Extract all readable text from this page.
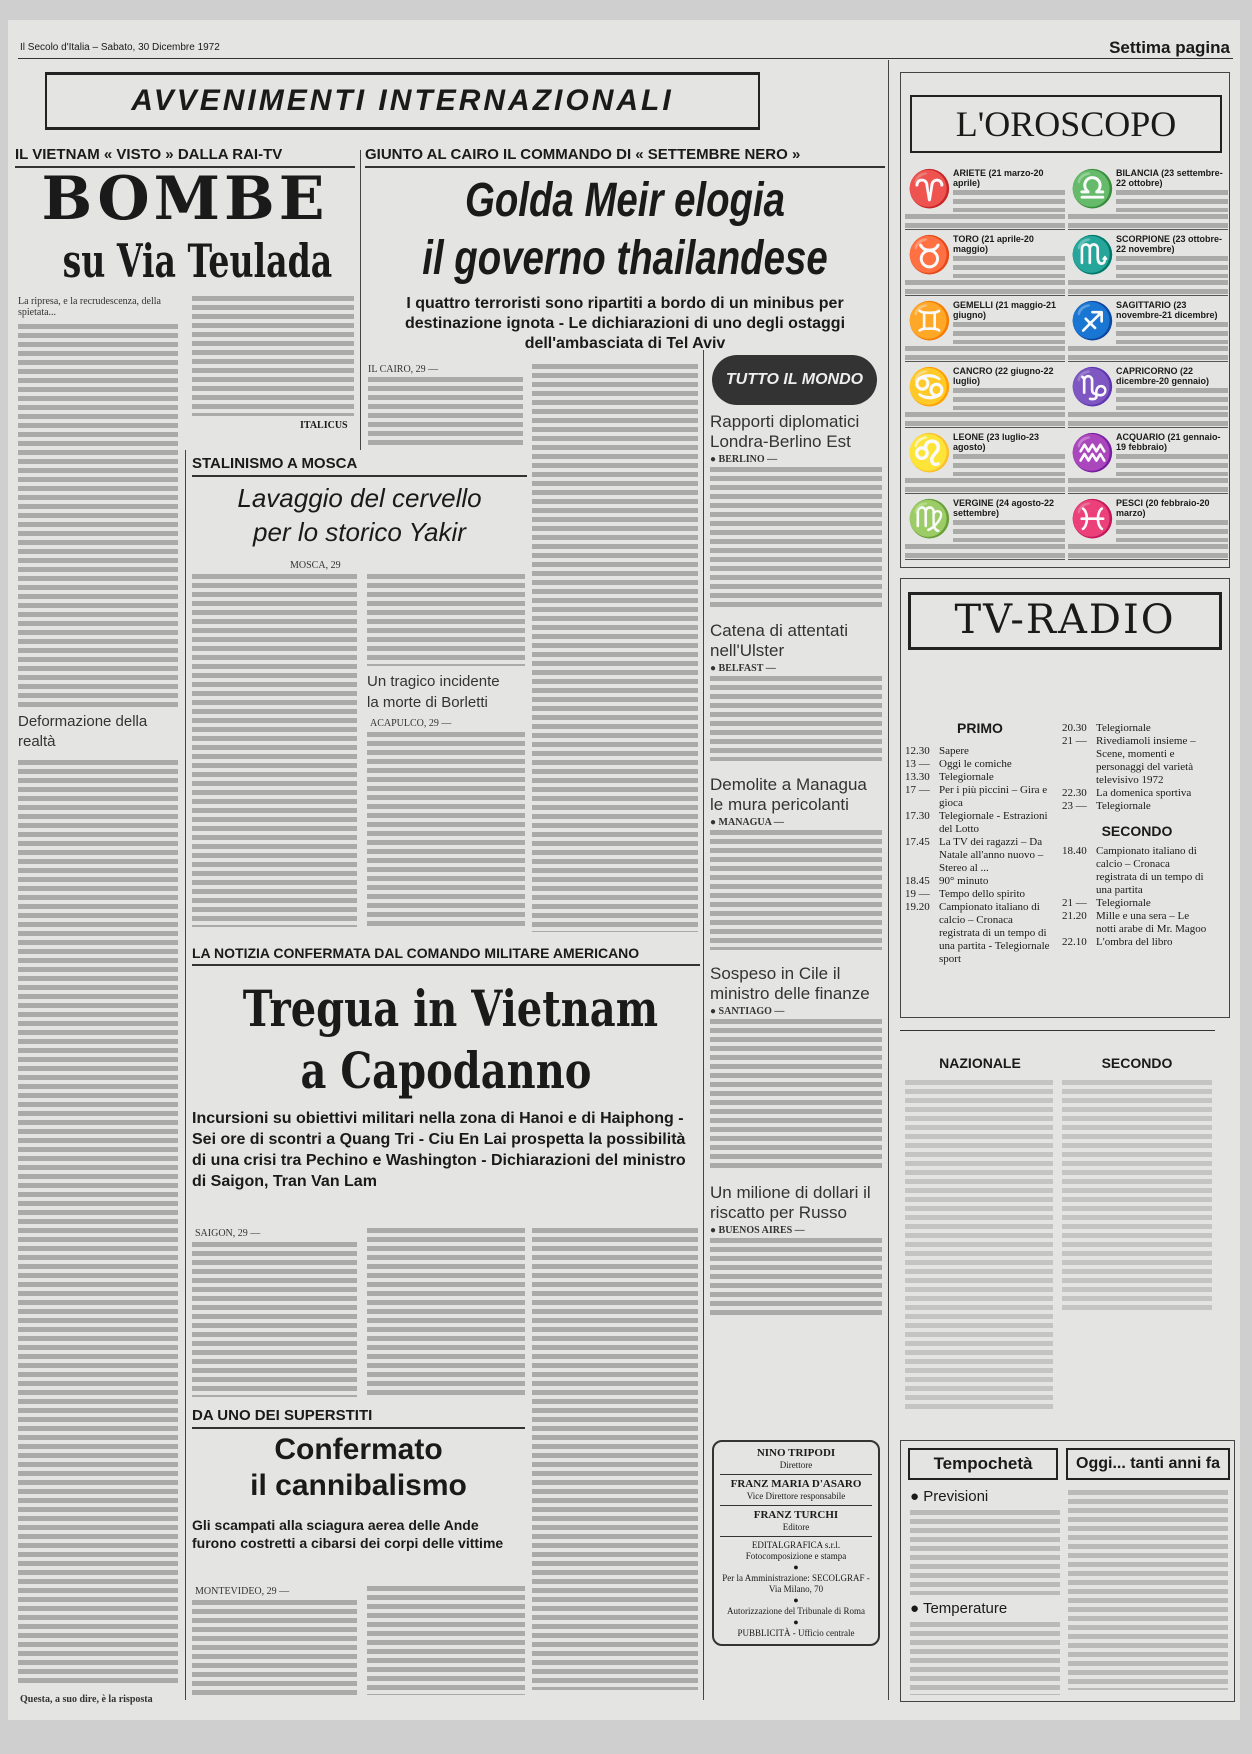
Il Secolo d'Italia – Sabato, 30 Dicembre 1972	Settima pagina
AVVENIMENTI INTERNAZIONALI
IL VIETNAM « VISTO » DALLA RAI-TV
BOMBE
su Via Teulada
La ripresa, e la recrudescenza, della spietata...
ITALICUS
Deformazione della realtà
GIUNTO AL CAIRO IL COMMANDO DI « SETTEMBRE NERO »
Golda Meir elogia
il governo thailandese
I quattro terroristi sono ripartiti a bordo di un minibus per destinazione ignota - Le dichiarazioni di uno degli ostaggi dell'ambasciata di Tel Aviv
IL CAIRO, 29 —
STALINISMO A MOSCA
Lavaggio del cervello
per lo storico Yakir
MOSCA, 29
Un tragico incidente
la morte di Borletti
ACAPULCO, 29 —
TUTTO IL MONDO
Rapporti diplomatici Londra-Berlino Est
● BERLINO —
Catena di attentati nell'Ulster
● BELFAST —
Demolite a Managua le mura pericolanti
● MANAGUA —
Sospeso in Cile il ministro delle finanze
● SANTIAGO —
Un milione di dollari il riscatto per Russo
● BUENOS AIRES —
LA NOTIZIA CONFERMATA DAL COMANDO MILITARE AMERICANO
Tregua in Vietnam
a Capodanno
Incursioni su obiettivi militari nella zona di Hanoi e di Haiphong - Sei ore di scontri a Quang Tri - Ciu En Lai prospetta la possibilità di una crisi tra Pechino e Washington - Dichiarazioni del ministro di Saigon, Tran Van Lam
SAIGON, 29 —
DA UNO DEI SUPERSTITI
Confermato
il cannibalismo
Gli scampati alla sciagura aerea delle Ande furono costretti a cibarsi dei corpi delle vittime
MONTEVIDEO, 29 —
Questa, a suo dire, è la risposta
NINO TRIPODI
Direttore
FRANZ MARIA D'ASARO
Vice Direttore responsabile
FRANZ TURCHI
Editore
EDITALGRAFICA s.r.l. Fotocomposizione e stampa
●
Per la Amministrazione: SECOLGRAF - Via Milano, 70
●
Autorizzazione del Tribunale di Roma
●
PUBBLICITÀ - Ufficio centrale
L'OROSCOPO
♈ ARIETE (21 marzo-20 aprile)
♉ TORO (21 aprile-20 maggio)
♊ GEMELLI (21 maggio-21 giugno)
♋ CANCRO (22 giugno-22 luglio)
♌ LEONE (23 luglio-23 agosto)
♍ VERGINE (24 agosto-22 settembre)
♎ BILANCIA (23 settembre-22 ottobre)
♏ SCORPIONE (23 ottobre-22 novembre)
♐ SAGITTARIO (23 novembre-21 dicembre)
♑ CAPRICORNO (22 dicembre-20 gennaio)
♒ ACQUARIO (21 gennaio-19 febbraio)
♓ PESCI (20 febbraio-20 marzo)
TV-RADIO
PRIMO
12.30 Sapere
13 — Oggi le comiche
13.30 Telegiornale
17 — Per i più piccini – Gira e gioca
17.30 Telegiornale - Estrazioni del Lotto
17.45 La TV dei ragazzi – Da Natale all'anno nuovo – Stereo al ...
18.45 90° minuto
19 — Tempo dello spirito
19.20 Campionato italiano di calcio – Cronaca registrata di un tempo di una partita - Telegiornale sport
20.30 Telegiornale
21 — Rivediamoli insieme – Scene, momenti e personaggi del varietà televisivo 1972
22.30 La domenica sportiva
23 — Telegiornale
SECONDO
18.40 Campionato italiano di calcio – Cronaca registrata di un tempo di una partita
21 — Telegiornale
21.20 Mille e una sera – Le notti arabe di Mr. Magoo
22.10 L'ombra del libro
NAZIONALE	SECONDO
Tempochetà	Oggi... tanti anni fa
● Previsioni
● Temperature
